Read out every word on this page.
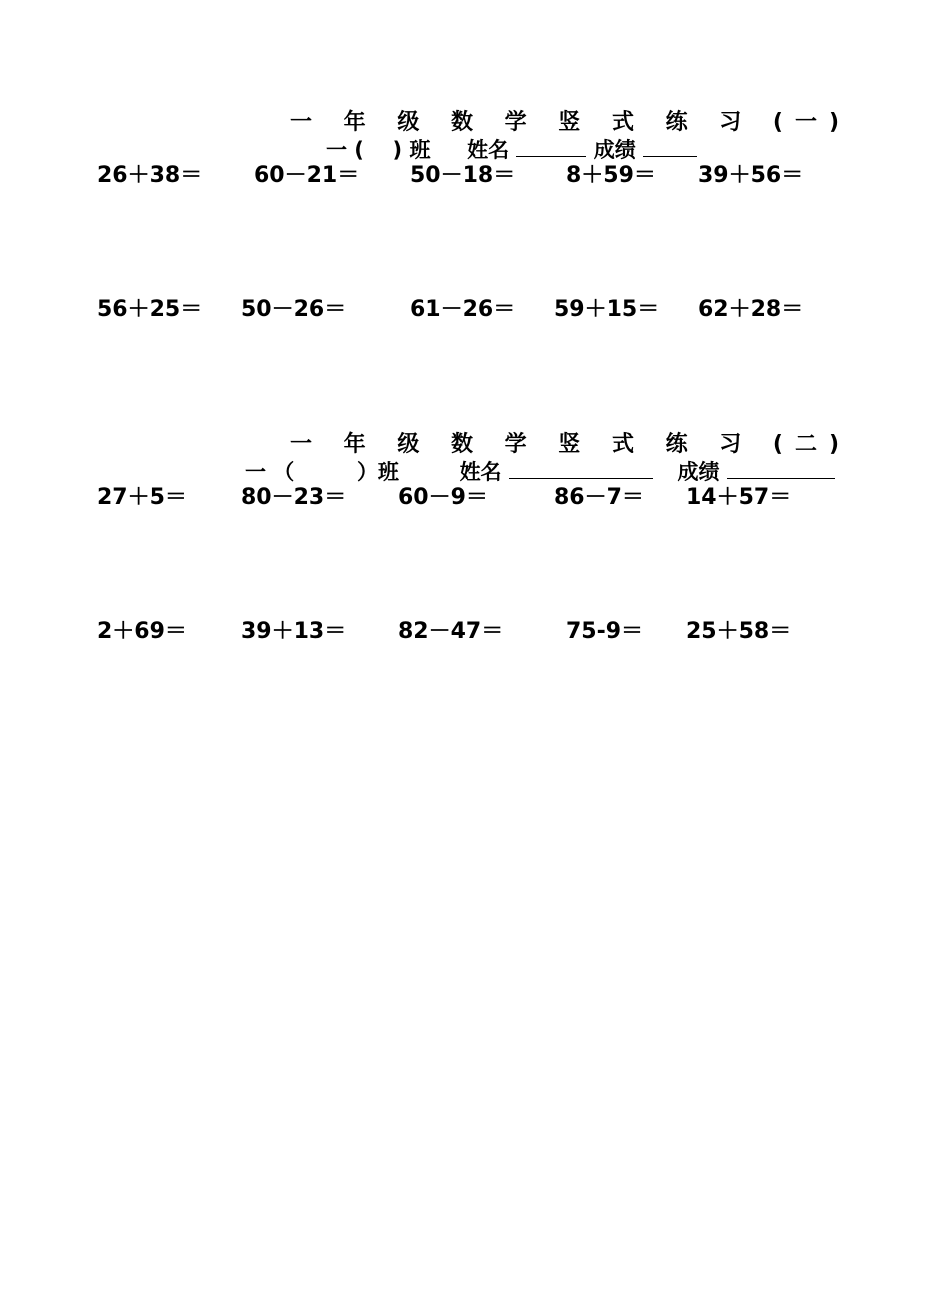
一 年 级 数 学 竖 式 练 习 (一)
一 ( ) 班 姓名	成绩
26＋38＝ 60－21＝ 50－18＝ 8＋59＝ 39＋56＝
56＋25＝ 50－26＝	61－26＝ 59＋15＝ 62＋28＝
一 年 级 数 学 竖 式 练 习 (二)
一 （	）班	姓名	成绩
27＋5＝ 80－23＝ 60－9＝	86－7＝ 14＋57＝
2＋69＝ 39＋13＝ 82－47＝	75-9＝ 25＋58＝
